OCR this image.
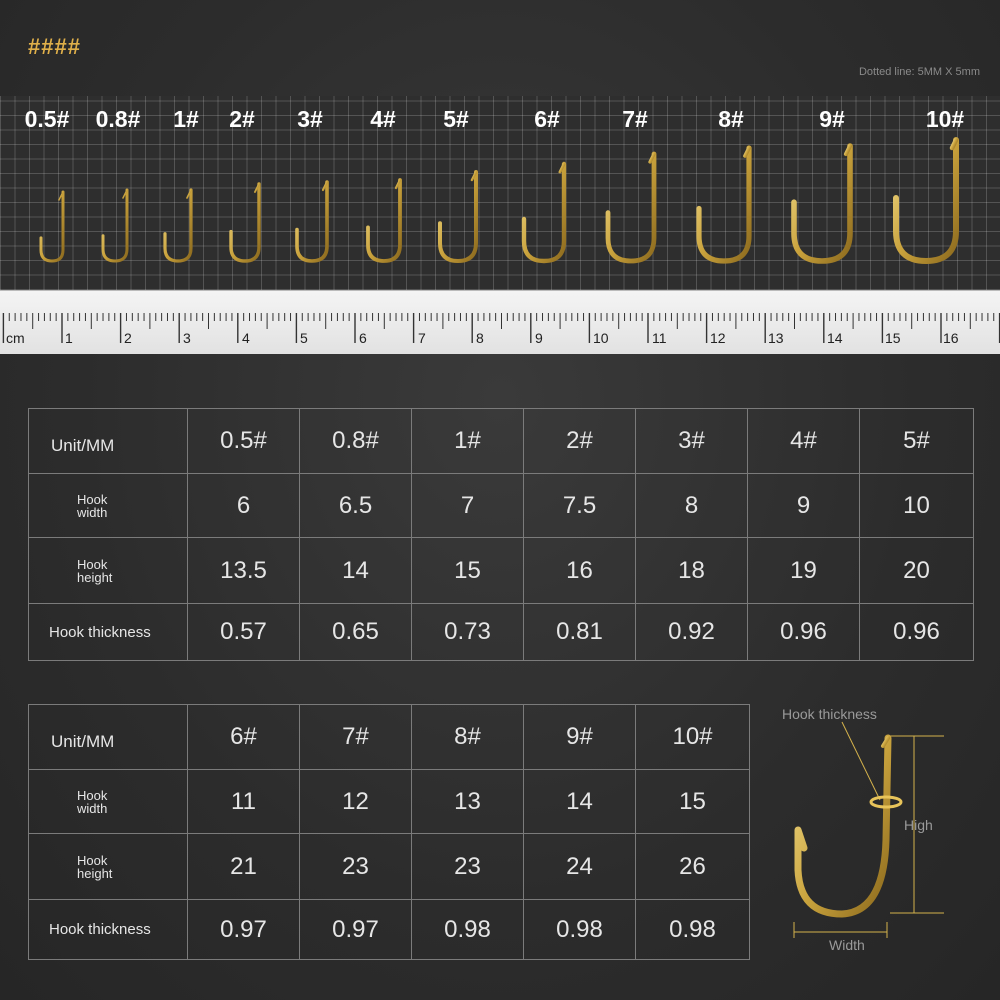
####
Dotted line: 5MM X 5mm
0.5#	0.8#	1#	2#	3#	4#	5#	6#	7#	8#	9#	10#
cm	1	2	3	4	5	6	7	8	9	10	11	12	13	14	15	16
Unit/MM	0.5#	0.8#	1#	2#	3#	4#	5#

Hook
width	6	6.5	7	7.5	8	9	10

Hook
height	13.5	14	15	16	18	19	20

Hook thickness	0.57	0.65	0.73	0.81	0.92	0.96	0.96
Unit/MM	6#	7#	8#	9#	10#

Hook
width	11	12	13	14	15

Hook
height	21	23	23	24	26

Hook thickness	0.97	0.97	0.98	0.98	0.98
Hook thickness
High
Width
